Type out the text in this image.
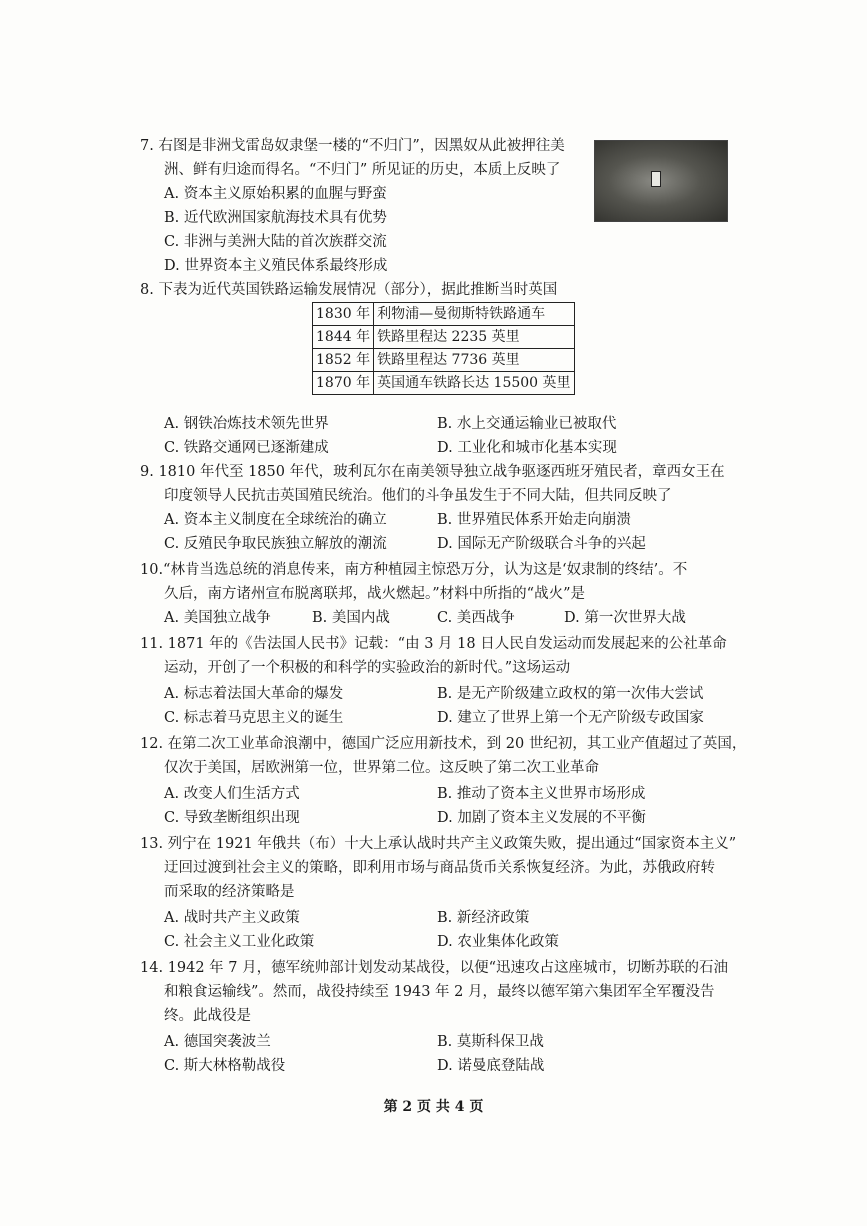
7. 右图是非洲戈雷岛奴隶堡一楼的“不归门”，因黑奴从此被押往美

洲、鲜有归途而得名。“不归门” 所见证的历史，本质上反映了

A. 资本主义原始积累的血腥与野蛮
B. 近代欧洲国家航海技术具有优势
C. 非洲与美洲大陆的首次族群交流
D. 世界资本主义殖民体系最终形成

8. 下表为近代英国铁路运输发展情况（部分），据此推断当时英国

1830 年	利物浦—曼彻斯特铁路通车
1844 年	铁路里程达 2235 英里
1852 年	铁路里程达 7736 英里
1870 年	英国通车铁路长达 15500 英里
A. 钢铁冶炼技术领先世界	B. 水上交通运输业已被取代
C. 铁路交通网已逐渐建成	D. 工业化和城市化基本实现

9. 1810 年代至 1850 年代，玻利瓦尔在南美领导独立战争驱逐西班牙殖民者，章西女王在

印度领导人民抗击英国殖民统治。他们的斗争虽发生于不同大陆，但共同反映了

A. 资本主义制度在全球统治的确立	B. 世界殖民体系开始走向崩溃
C. 反殖民争取民族独立解放的潮流	D. 国际无产阶级联合斗争的兴起

10.“林肯当选总统的消息传来，南方种植园主惊恐万分，认为这是‘奴隶制的终结’。不

久后，南方诸州宣布脱离联邦，战火燃起。”材料中所指的“战火”是

A. 美国独立战争	B. 美国内战	C. 美西战争	D. 第一次世界大战

11. 1871 年的《告法国人民书》记载：“由 3 月 18 日人民自发运动而发展起来的公社革命

运动，开创了一个积极的和科学的实验政治的新时代。”这场运动

A. 标志着法国大革命的爆发	B. 是无产阶级建立政权的第一次伟大尝试
C. 标志着马克思主义的诞生	D. 建立了世界上第一个无产阶级专政国家

12. 在第二次工业革命浪潮中，德国广泛应用新技术，到 20 世纪初，其工业产值超过了英国，

仅次于美国，居欧洲第一位，世界第二位。这反映了第二次工业革命

A. 改变人们生活方式	B. 推动了资本主义世界市场形成
C. 导致垄断组织出现	D. 加剧了资本主义发展的不平衡

13. 列宁在 1921 年俄共（布）十大上承认战时共产主义政策失败，提出通过“国家资本主义”

迂回过渡到社会主义的策略，即利用市场与商品货币关系恢复经济。为此，苏俄政府转

而采取的经济策略是

A. 战时共产主义政策	B. 新经济政策
C. 社会主义工业化政策	D. 农业集体化政策

14. 1942 年 7 月，德军统帅部计划发动某战役，以便“迅速攻占这座城市，切断苏联的石油

和粮食运输线”。然而，战役持续至 1943 年 2 月，最终以德军第六集团军全军覆没告

终。此战役是

A. 德国突袭波兰	B. 莫斯科保卫战
C. 斯大林格勒战役	D. 诺曼底登陆战
第 2 页 共 4 页
